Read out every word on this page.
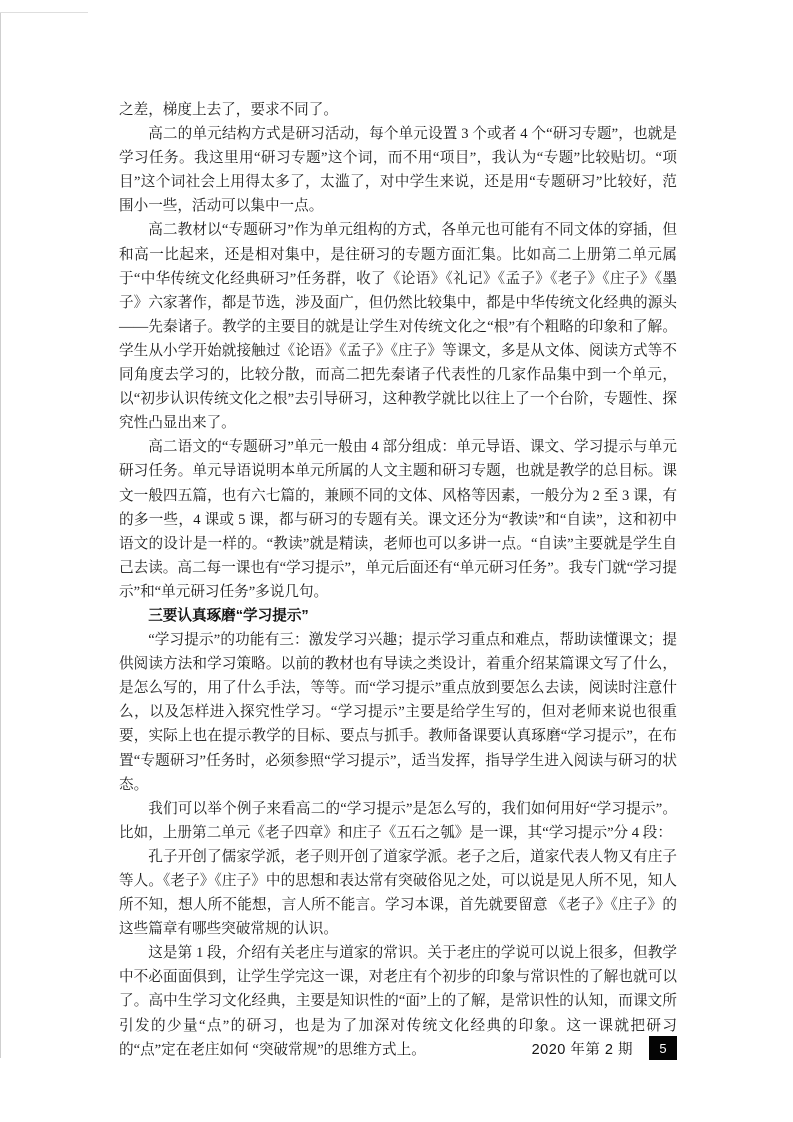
之差，梯度上去了，要求不同了。

高二的单元结构方式是研习活动，每个单元设置 3 个或者 4 个“研习专题”，也就是学习任务。我这里用“研习专题”这个词，而不用“项目”，我认为“专题”比较贴切。“项目”这个词社会上用得太多了，太滥了，对中学生来说，还是用“专题研习”比较好，范围小一些，活动可以集中一点。

高二教材以“专题研习”作为单元组构的方式，各单元也可能有不同文体的穿插，但和高一比起来，还是相对集中，是往研习的专题方面汇集。比如高二上册第二单元属于“中华传统文化经典研习”任务群，收了《论语》《礼记》《孟子》《老子》《庄子》《墨子》六家著作，都是节选，涉及面广，但仍然比较集中，都是中华传统文化经典的源头——先秦诸子。教学的主要目的就是让学生对传统文化之“根”有个粗略的印象和了解。学生从小学开始就接触过《论语》《孟子》《庄子》等课文，多是从文体、阅读方式等不同角度去学习的，比较分散，而高二把先秦诸子代表性的几家作品集中到一个单元，以“初步认识传统文化之根”去引导研习，这种教学就比以往上了一个台阶，专题性、探究性凸显出来了。

高二语文的“专题研习”单元一般由 4 部分组成：单元导语、课文、学习提示与单元研习任务。单元导语说明本单元所属的人文主题和研习专题，也就是教学的总目标。课文一般四五篇，也有六七篇的，兼顾不同的文体、风格等因素，一般分为 2 至 3 课，有的多一些，4 课或 5 课，都与研习的专题有关。课文还分为“教读”和“自读”，这和初中语文的设计是一样的。“教读”就是精读，老师也可以多讲一点。“自读”主要就是学生自己去读。高二每一课也有“学习提示”，单元后面还有“单元研习任务”。我专门就“学习提示”和“单元研习任务”多说几句。

三要认真琢磨“学习提示”

“学习提示”的功能有三：激发学习兴趣；提示学习重点和难点，帮助读懂课文；提供阅读方法和学习策略。以前的教材也有导读之类设计，着重介绍某篇课文写了什么，是怎么写的，用了什么手法，等等。而“学习提示”重点放到要怎么去读，阅读时注意什么，以及怎样进入探究性学习。“学习提示”主要是给学生写的，但对老师来说也很重要，实际上也在提示教学的目标、要点与抓手。教师备课要认真琢磨“学习提示”，在布置“专题研习”任务时，必须参照“学习提示”，适当发挥，指导学生进入阅读与研习的状态。

我们可以举个例子来看高二的“学习提示”是怎么写的，我们如何用好“学习提示”。比如，上册第二单元《老子四章》和庄子《五石之瓠》是一课，其“学习提示”分 4 段：

孔子开创了儒家学派，老子则开创了道家学派。老子之后，道家代表人物又有庄子等人。《老子》《庄子》中的思想和表达常有突破俗见之处，可以说是见人所不见，知人所不知，想人所不能想，言人所不能言。学习本课，首先就要留意 《老子》《庄子》的这些篇章有哪些突破常规的认识。

这是第 1 段，介绍有关老庄与道家的常识。关于老庄的学说可以说上很多，但教学中不必面面俱到，让学生学完这一课，对老庄有个初步的印象与常识性的了解也就可以了。高中生学习文化经典，主要是知识性的“面”上的了解，是常识性的认知，而课文所引发的少量“点”的研习，也是为了加深对传统文化经典的印象。这一课就把研习的“点”定在老庄如何 “突破常规”的思维方式上。	2020 年第 2 期	5
